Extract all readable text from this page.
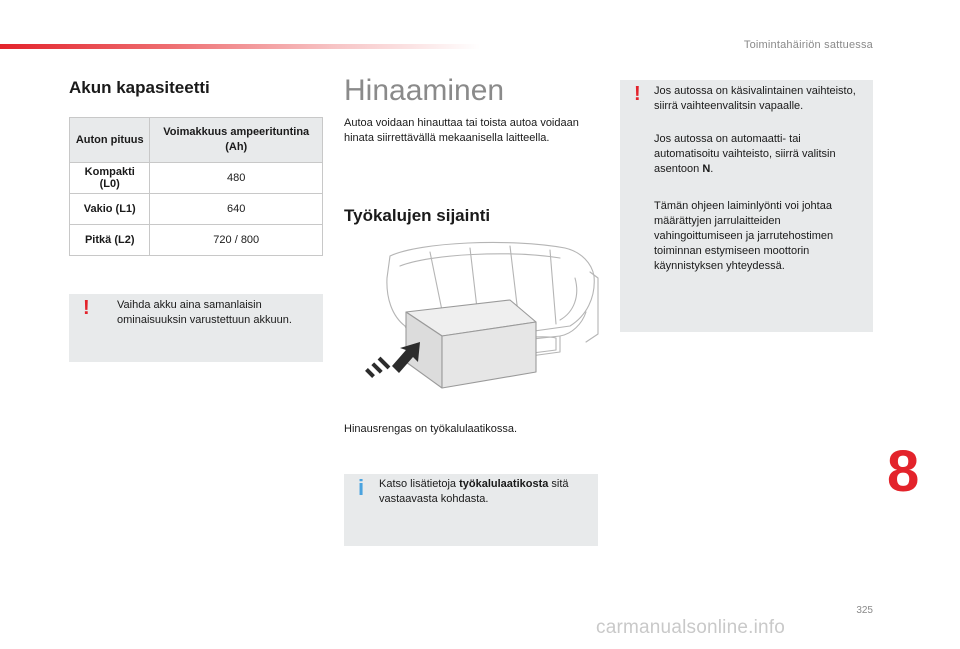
Toimintahäiriön sattuessa
Akun kapasiteetti
Auton pituus	Voimakkuus ampeerituntina (Ah)
Kompakti (L0)	480
Vakio (L1)	640
Pitkä (L2)	720 / 800
! Vaihda akku aina samanlaisin ominaisuuksin varustettuun akkuun.

Hinaaminen

Autoa voidaan hinauttaa tai toista autoa voidaan hinata siirrettävällä mekaanisella laitteella.

Työkalujen sijainti

Hinausrengas on työkalulaatikossa.

i Katso lisätietoja työkalulaatikosta sitä vastaavasta kohdasta.

! Jos autossa on käsivalintainen vaihteisto, siirrä vaihteenvalitsin vapaalle.

Jos autossa on automaatti- tai automatisoitu vaihteisto, siirrä valitsin asentoon N.

Tämän ohjeen laiminlyönti voi johtaa määrättyjen jarrulaitteiden vahingoittumiseen ja jarrutehostimen toiminnan estymiseen moottorin käynnistyksen yhteydessä.

8
325
carmanualsonline.info
